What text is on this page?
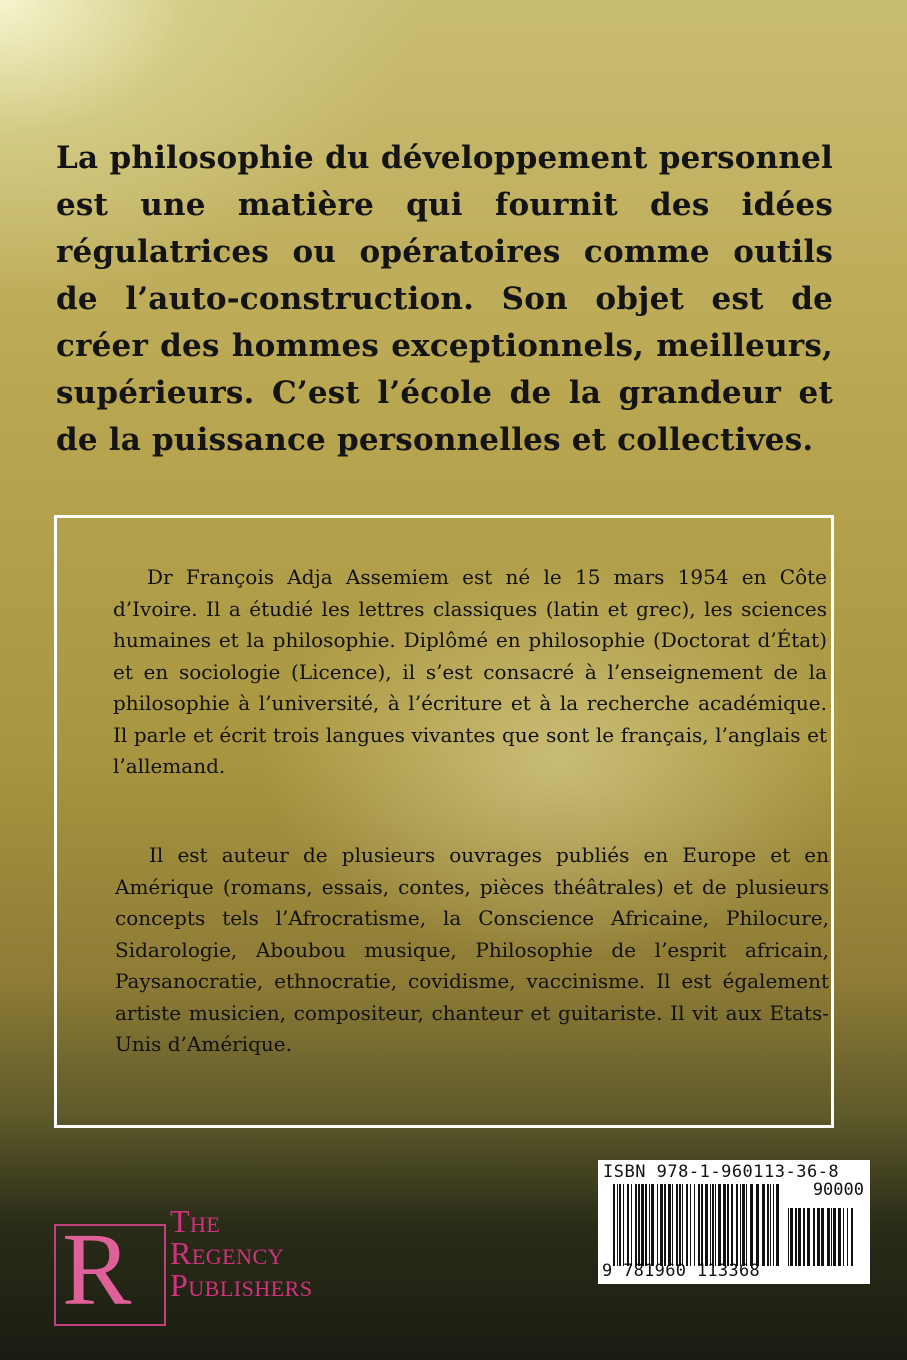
La philosophie du développement personnel est une matière qui fournit des idées régulatrices ou opératoires comme outils de l’auto-construction. Son objet est de créer des hommes exceptionnels, meilleurs, supérieurs. C’est l’école de la grandeur et de la puissance personnelles et collectives.

Dr François Adja Assemiem est né le 15 mars 1954 en Côte d’Ivoire. Il a étudié les lettres classiques (latin et grec), les sciences humaines et la philosophie. Diplômé en philosophie (Doctorat d’État) et en sociologie (Licence), il s’est consacré à l’enseignement de la philosophie à l’université, à l’écriture et à la recherche académique. Il parle et écrit trois langues vivantes que sont le français, l’anglais et l’allemand.

Il est auteur de plusieurs ouvrages publiés en Europe et en Amérique (romans, essais, contes, pièces théâtrales) et de plusieurs concepts tels l’Afrocratisme, la Conscience Africaine, Philocure, Sidarologie, Aboubou musique, Philosophie de l’esprit africain, Paysanocratie, ethnocratie, covidisme, vaccinisme. Il est également artiste musicien, compositeur, chanteur et guitariste. Il vit aux Etats-Unis d’Amérique.

R The
Regency
Publishers
ISBN 978-1-960113-36-8
90000
9 781960 113368
